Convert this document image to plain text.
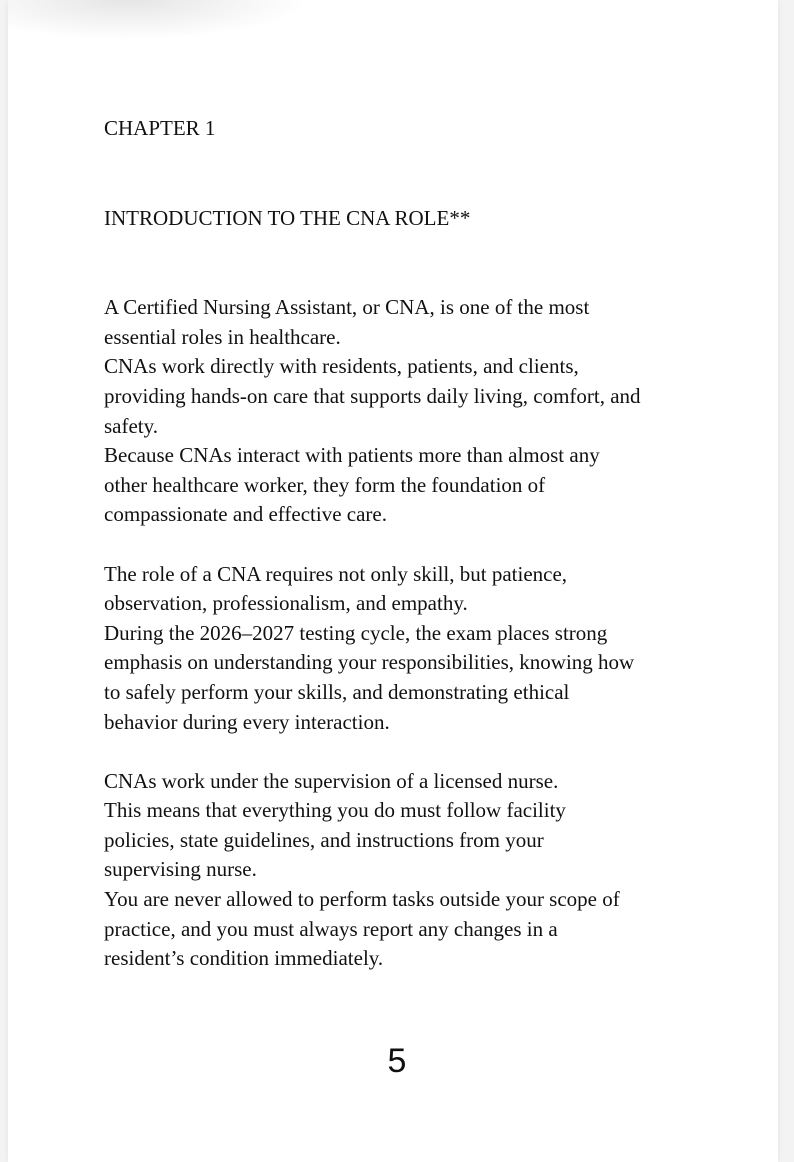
CHAPTER 1
INTRODUCTION TO THE CNA ROLE**

A Certified Nursing Assistant, or CNA, is one of the most
essential roles in healthcare.
CNAs work directly with residents, patients, and clients,
providing hands-on care that supports daily living, comfort, and
safety.
Because CNAs interact with patients more than almost any
other healthcare worker, they form the foundation of
compassionate and effective care.

The role of a CNA requires not only skill, but patience,
observation, professionalism, and empathy.
During the 2026–2027 testing cycle, the exam places strong
emphasis on understanding your responsibilities, knowing how
to safely perform your skills, and demonstrating ethical
behavior during every interaction.

CNAs work under the supervision of a licensed nurse.
This means that everything you do must follow facility
policies, state guidelines, and instructions from your
supervising nurse.
You are never allowed to perform tasks outside your scope of
practice, and you must always report any changes in a
resident’s condition immediately.

5
